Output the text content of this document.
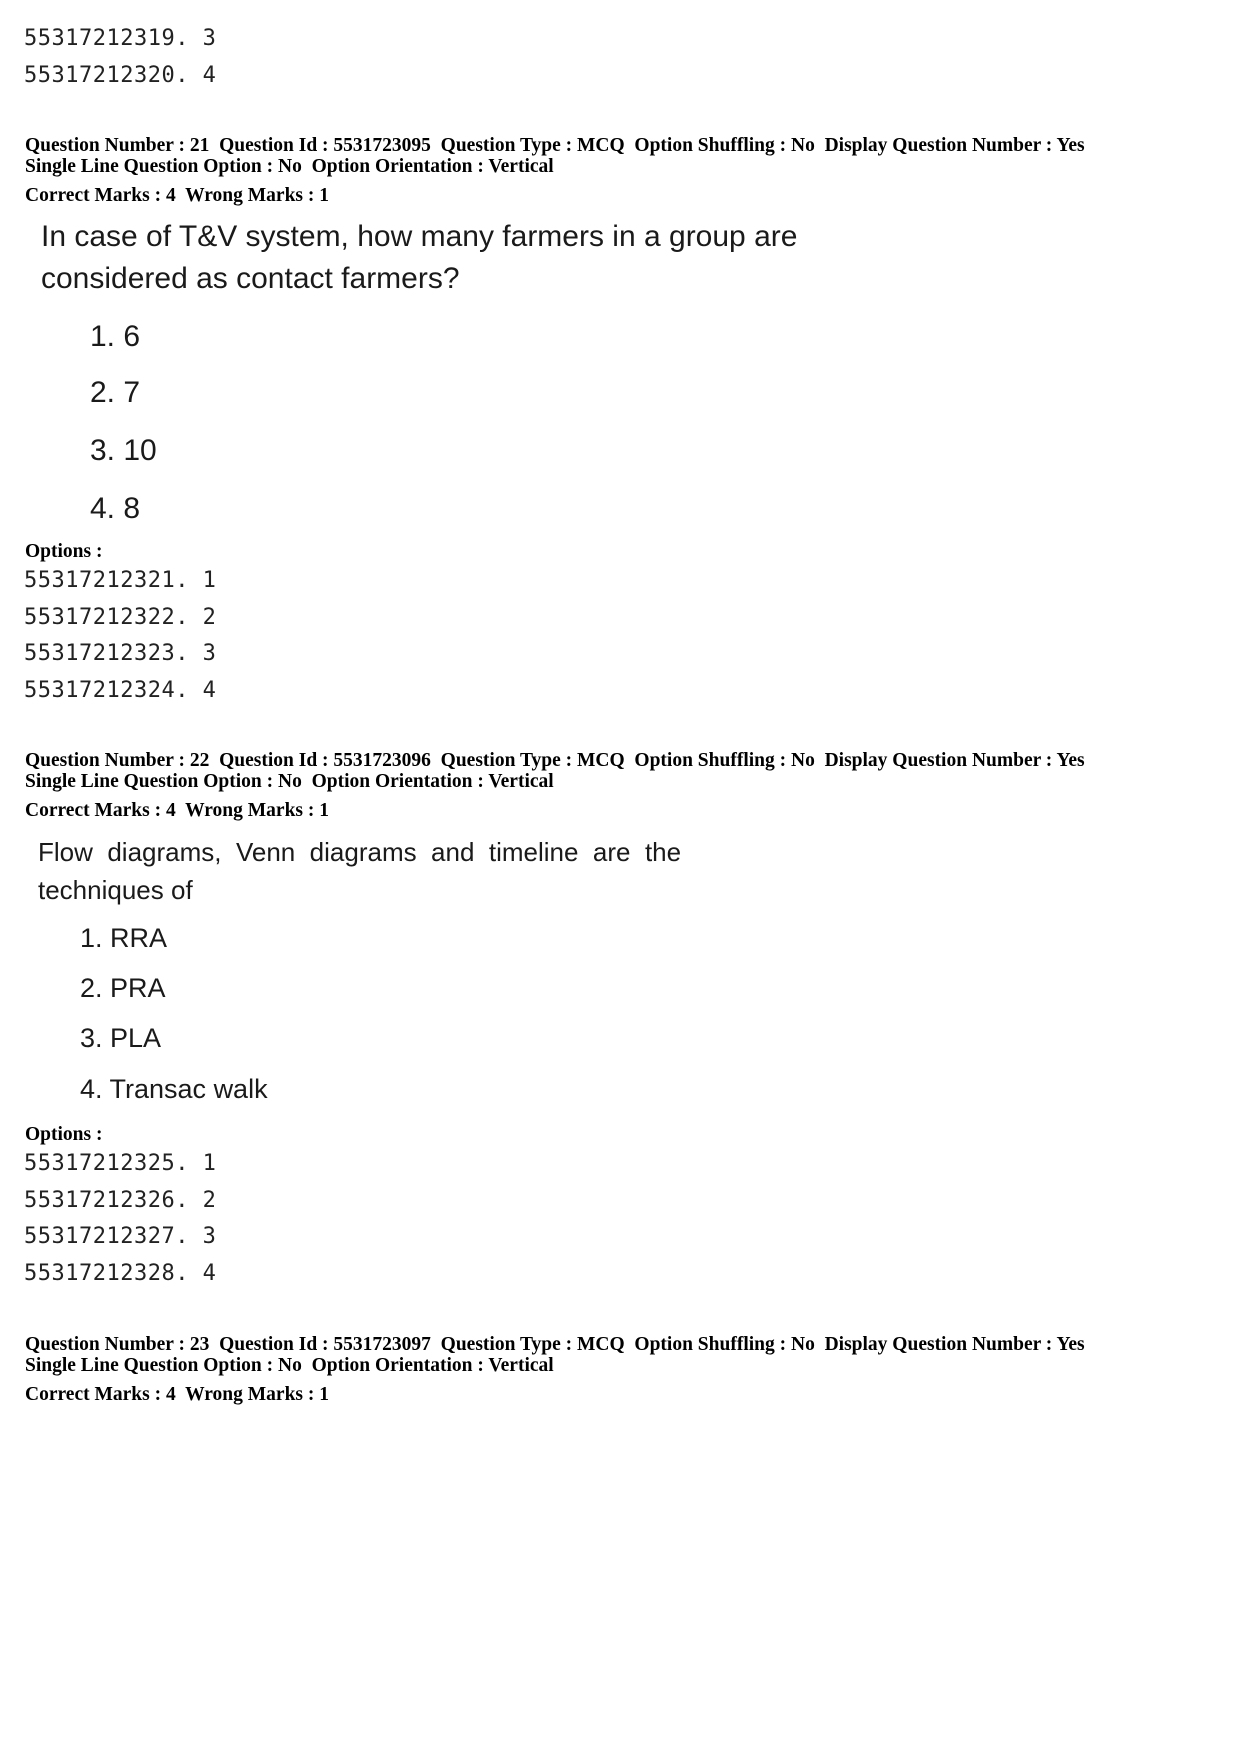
55317212319. 3
55317212320. 4
Question Number : 21  Question Id : 5531723095  Question Type : MCQ  Option Shuffling : No  Display Question Number : Yes
Single Line Question Option : No  Option Orientation : Vertical
Correct Marks : 4  Wrong Marks : 1
In case of T&V system, how many farmers in a group are
considered as contact farmers?
1. 6
2. 7
3. 10
4. 8
Options :
55317212321. 1
55317212322. 2
55317212323. 3
55317212324. 4
Question Number : 22  Question Id : 5531723096  Question Type : MCQ  Option Shuffling : No  Display Question Number : Yes
Single Line Question Option : No  Option Orientation : Vertical
Correct Marks : 4  Wrong Marks : 1
Flow  diagrams,  Venn  diagrams  and  timeline  are  the
techniques of
1. RRA
2. PRA
3. PLA
4. Transac walk
Options :
55317212325. 1
55317212326. 2
55317212327. 3
55317212328. 4
Question Number : 23  Question Id : 5531723097  Question Type : MCQ  Option Shuffling : No  Display Question Number : Yes
Single Line Question Option : No  Option Orientation : Vertical
Correct Marks : 4  Wrong Marks : 1
